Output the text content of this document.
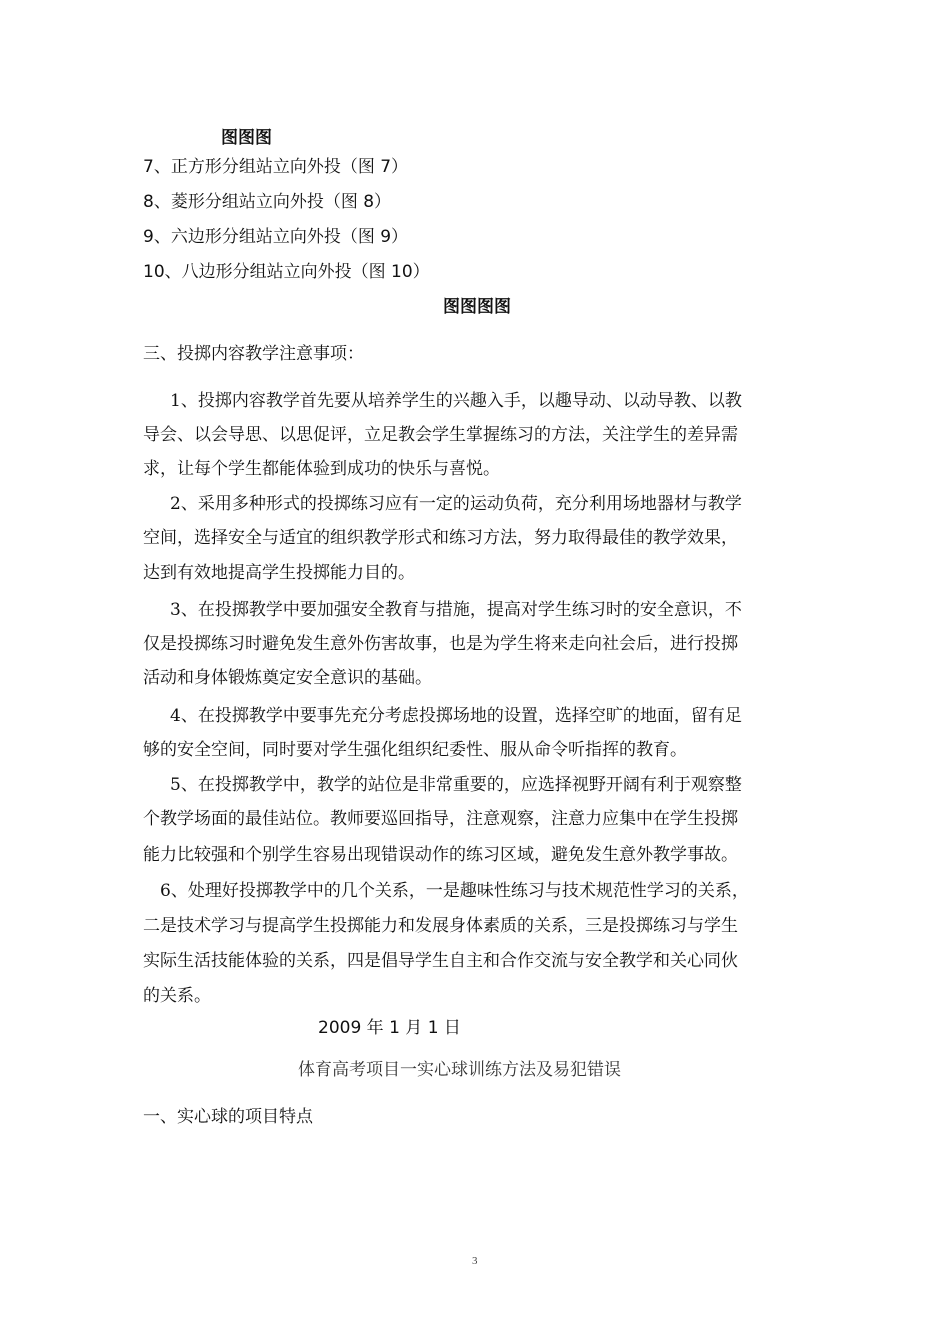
图图图
7、正方形分组站立向外投（图 7）
8、菱形分组站立向外投（图 8）
9、六边形分组站立向外投（图 9）
10、八边形分组站立向外投（图 10）
图图图图
三、投掷内容教学注意事项：
1、投掷内容教学首先要从培养学生的兴趣入手，以趣导动、以动导教、以教
导会、以会导思、以思促评，立足教会学生掌握练习的方法，关注学生的差异需
求，让每个学生都能体验到成功的快乐与喜悦。
2、采用多种形式的投掷练习应有一定的运动负荷，充分利用场地器材与教学
空间，选择安全与适宜的组织教学形式和练习方法，努力取得最佳的教学效果，
达到有效地提高学生投掷能力目的。
3、在投掷教学中要加强安全教育与措施，提高对学生练习时的安全意识，不
仅是投掷练习时避免发生意外伤害故事，也是为学生将来走向社会后，进行投掷
活动和身体锻炼奠定安全意识的基础。
4、在投掷教学中要事先充分考虑投掷场地的设置，选择空旷的地面，留有足
够的安全空间，同时要对学生强化组织纪委性、服从命令听指挥的教育。
5、在投掷教学中，教学的站位是非常重要的，应选择视野开阔有利于观察整
个教学场面的最佳站位。教师要巡回指导，注意观察，注意力应集中在学生投掷
能力比较强和个别学生容易出现错误动作的练习区域，避免发生意外教学事故。
6、处理好投掷教学中的几个关系，一是趣味性练习与技术规范性学习的关系，
二是技术学习与提高学生投掷能力和发展身体素质的关系，三是投掷练习与学生
实际生活技能体验的关系，四是倡导学生自主和合作交流与安全教学和关心同伙
的关系。
2009 年 1 月 1 日
体育高考项目一实心球训练方法及易犯错误
一、实心球的项目特点
3
